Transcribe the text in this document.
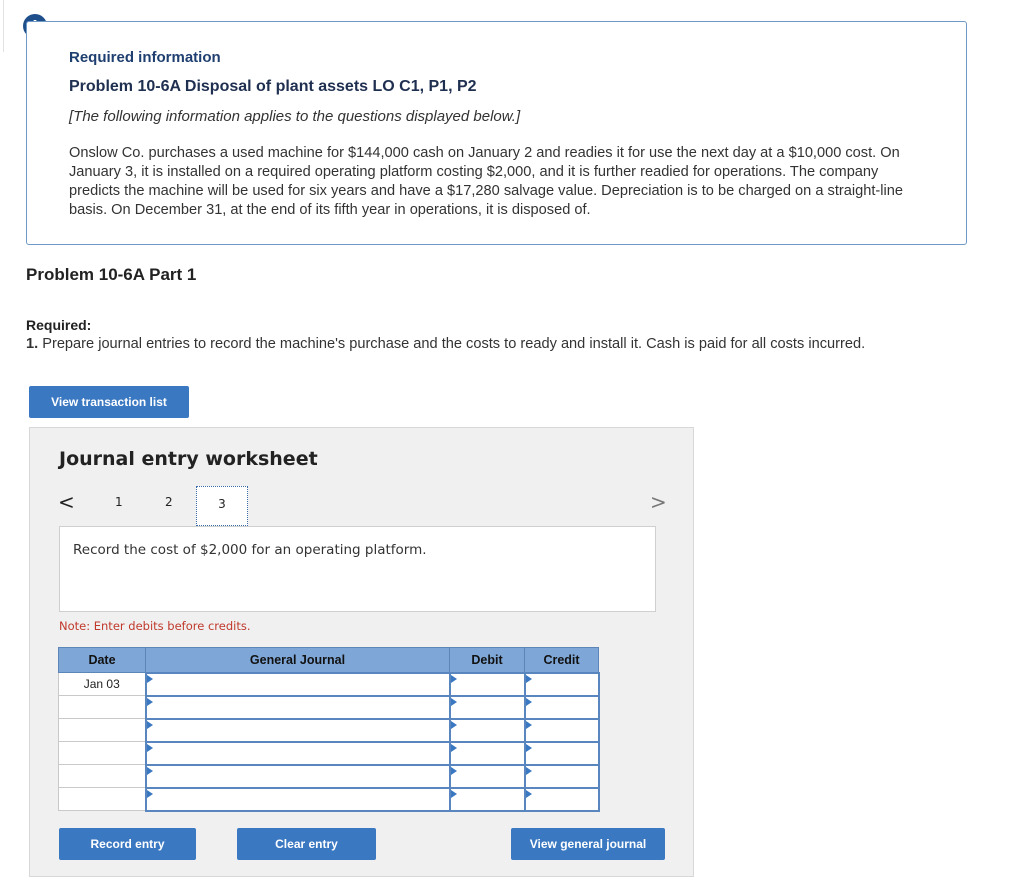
Required information
Problem 10-6A Disposal of plant assets LO C1, P1, P2
[The following information applies to the questions displayed below.]
Onslow Co. purchases a used machine for $144,000 cash on January 2 and readies it for use the next day at a $10,000 cost. On January 3, it is installed on a required operating platform costing $2,000, and it is further readied for operations. The company predicts the machine will be used for six years and have a $17,280 salvage value. Depreciation is to be charged on a straight-line basis. On December 31, at the end of its fifth year in operations, it is disposed of.
Problem 10-6A Part 1
Required:
1. Prepare journal entries to record the machine's purchase and the costs to ready and install it. Cash is paid for all costs incurred.
View transaction list
Journal entry worksheet
<	1	2	3	>
Record the cost of $2,000 for an operating platform.
Note: Enter debits before credits.
Date	General Journal	Debit	Credit
Jan 03			

Record entry	Clear entry	View general journal
